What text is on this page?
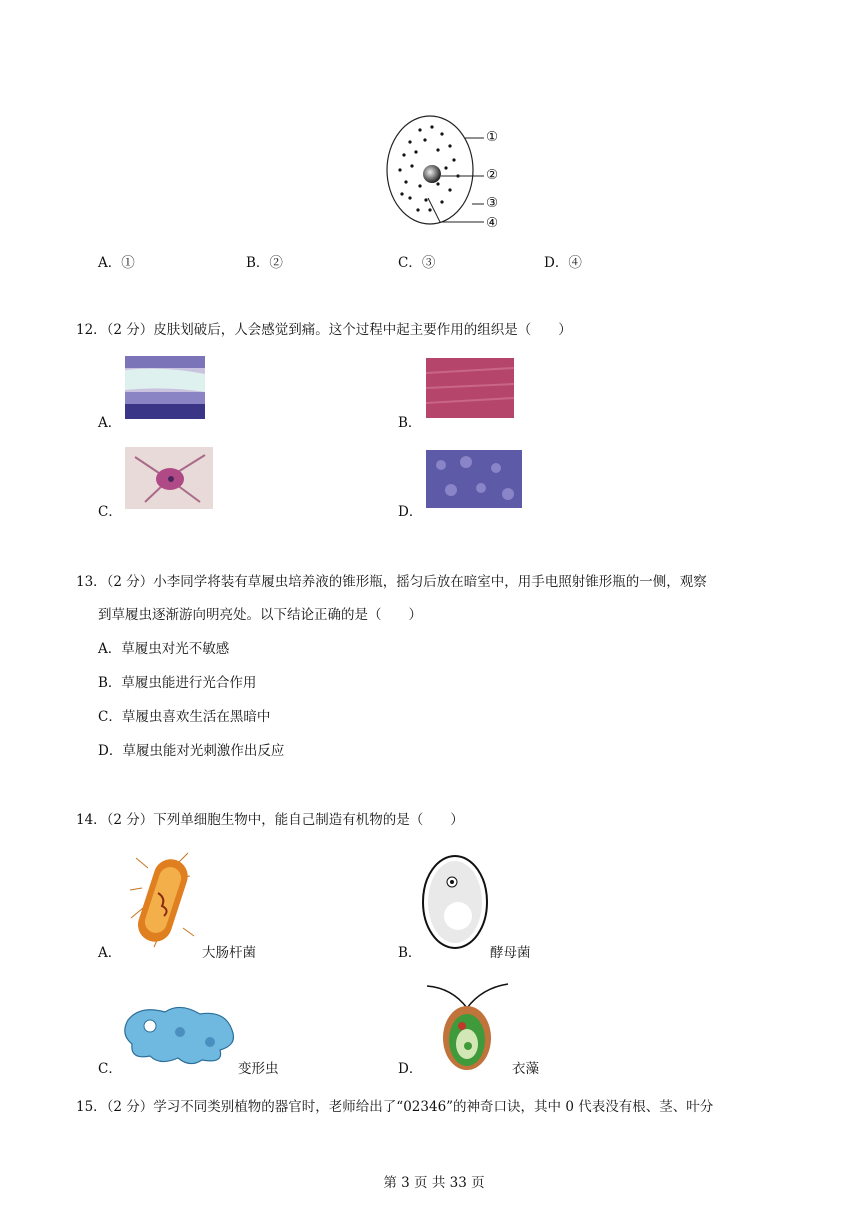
①
②
③
④
A．①	B．②	C．③	D．④
12．（2 分）皮肤划破后，人会感觉到痛。这个过程中起主要作用的组织是（　　）
A．	B．
C．	D．
13．（2 分）小李同学将装有草履虫培养液的锥形瓶，摇匀后放在暗室中，用手电照射锥形瓶的一侧，观察
到草履虫逐渐游向明亮处。以下结论正确的是（　　）
A．草履虫对光不敏感
B．草履虫能进行光合作用
C．草履虫喜欢生活在黑暗中
D．草履虫能对光刺激作出反应
14．（2 分）下列单细胞生物中，能自己制造有机物的是（　　）
A．	大肠杆菌	B．	酵母菌
C．	变形虫	D．	衣藻
15．（2 分）学习不同类别植物的器官时，老师给出了“02346”的神奇口诀，其中 0 代表没有根、茎、叶分
第 3 页 共 33 页
